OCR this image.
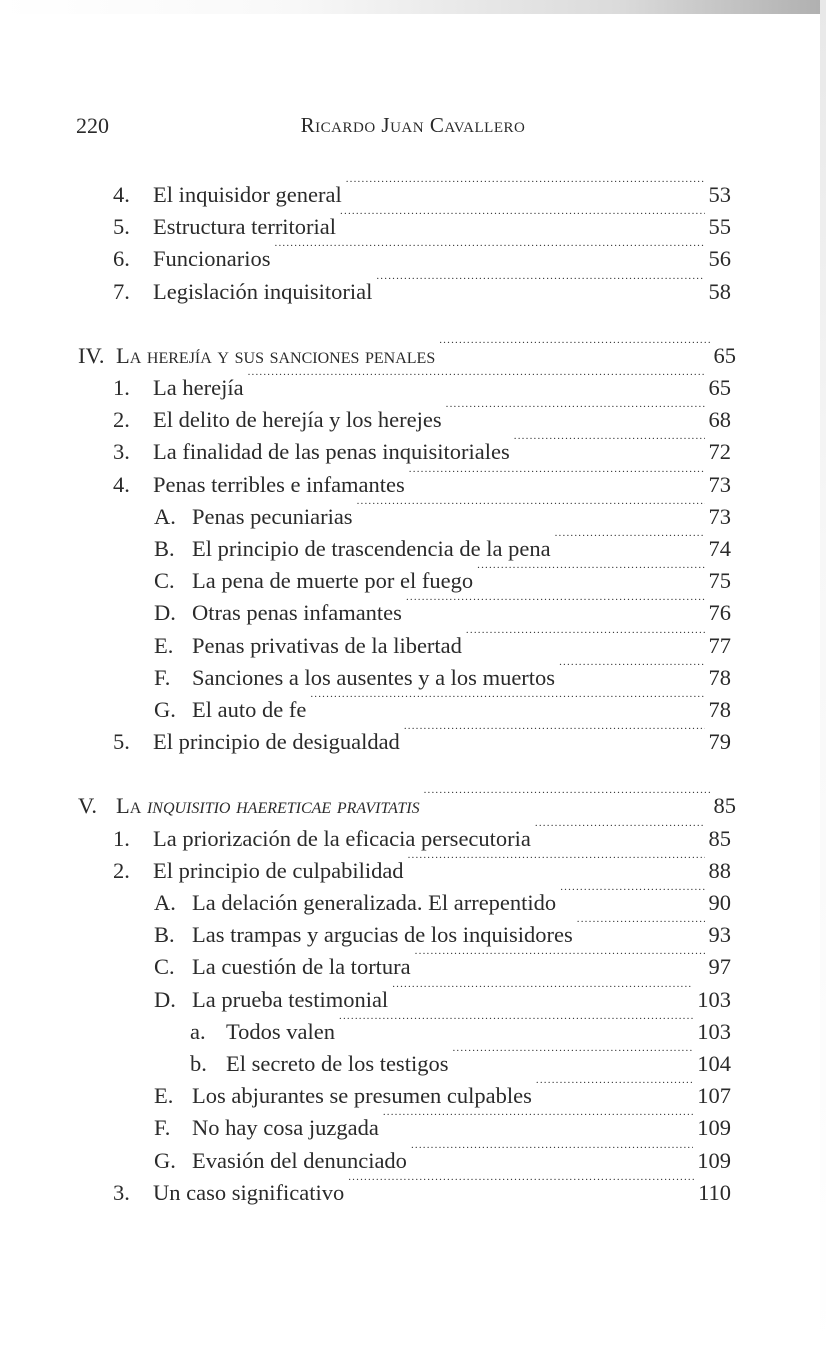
220	Ricardo Juan Cavallero
4.	El inquisidor general .....	53
5.	Estructura territorial .....	55
6.	Funcionarios .....	56
7.	Legislación inquisitorial .....	58
IV. La herejía y sus sanciones penales .....	65
1.	La herejía .....	65
2.	El delito de herejía y los herejes .....	68
3.	La finalidad de las penas inquisitoriales .....	72
4.	Penas terribles e infamantes .....	73
A. Penas pecuniarias .....	73
B. El principio de trascendencia de la pena .....	74
C. La pena de muerte por el fuego .....	75
D. Otras penas infamantes .....	76
E. Penas privativas de la libertad .....	77
F. Sanciones a los ausentes y a los muertos .....	78
G. El auto de fe .....	78
5.	El principio de desigualdad .....	79
V. La inquisitio haereticae pravitatis .....	85
1.	La priorización de la eficacia persecutoria .....	85
2.	El principio de culpabilidad .....	88
A. La delación generalizada. El arrepentido .....	90
B. Las trampas y argucias de los inquisidores .....	93
C. La cuestión de la tortura .....	97
D. La prueba testimonial .....	103
a. Todos valen .....	103
b. El secreto de los testigos .....	104
E. Los abjurantes se presumen culpables .....	107
F. No hay cosa juzgada .....	109
G. Evasión del denunciado .....	109
3.	Un caso significativo .....	110
